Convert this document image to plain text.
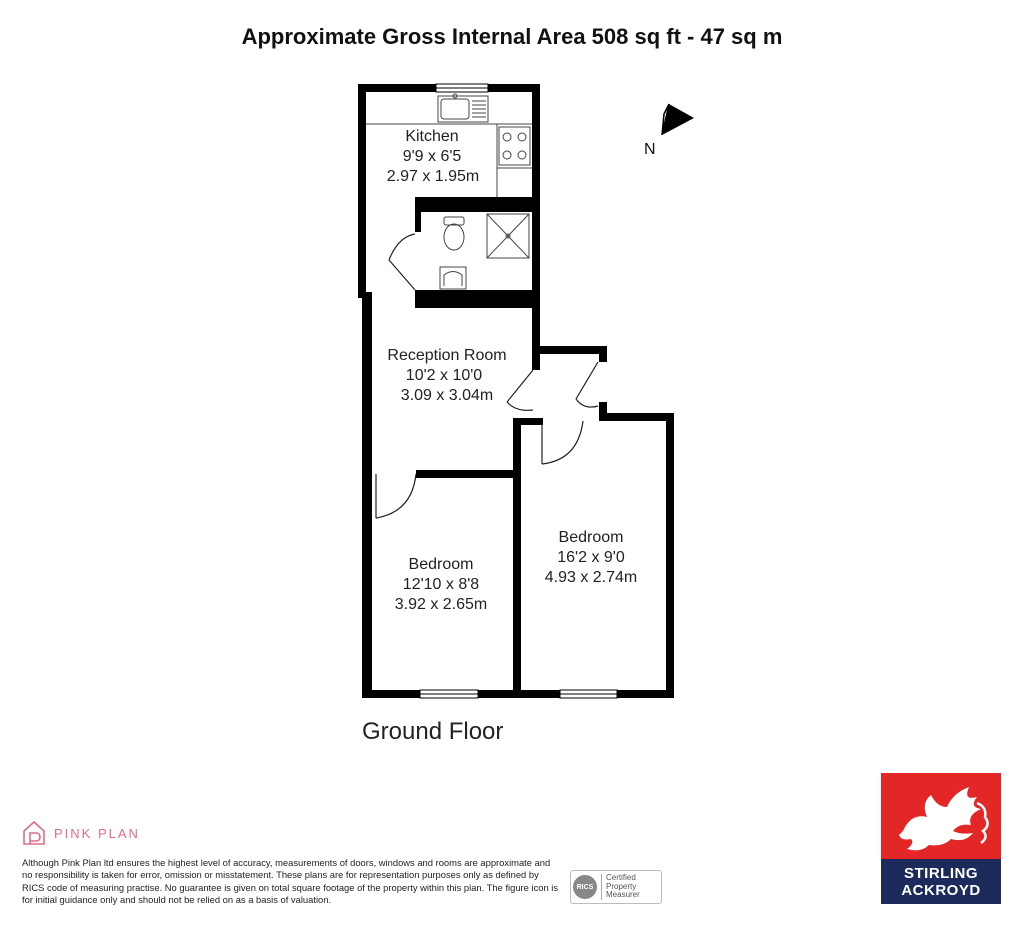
Approximate Gross Internal Area 508 sq ft - 47 sq m
N
Kitchen
9'9 x 6'5
2.97 x 1.95m
Reception Room
10'2 x 10'0
3.09 x 3.04m
Bedroom
12'10 x 8'8
3.92 x 2.65m
Bedroom
16'2 x 9'0
4.93 x 2.74m
Ground Floor
PINK PLAN
Although Pink Plan ltd ensures the highest level of accuracy, measurements of doors, windows and rooms are approximate and no responsibility is taken for error, omission or misstatement. These plans are for representation purposes only as defined by RICS code of measuring practise. No guarantee is given on total square footage of the property within this plan. The figure icon is for initial guidance only and should not be relied on as a basis of valuation.
RICS
Certified
Property
Measurer
STIRLING
ACKROYD
